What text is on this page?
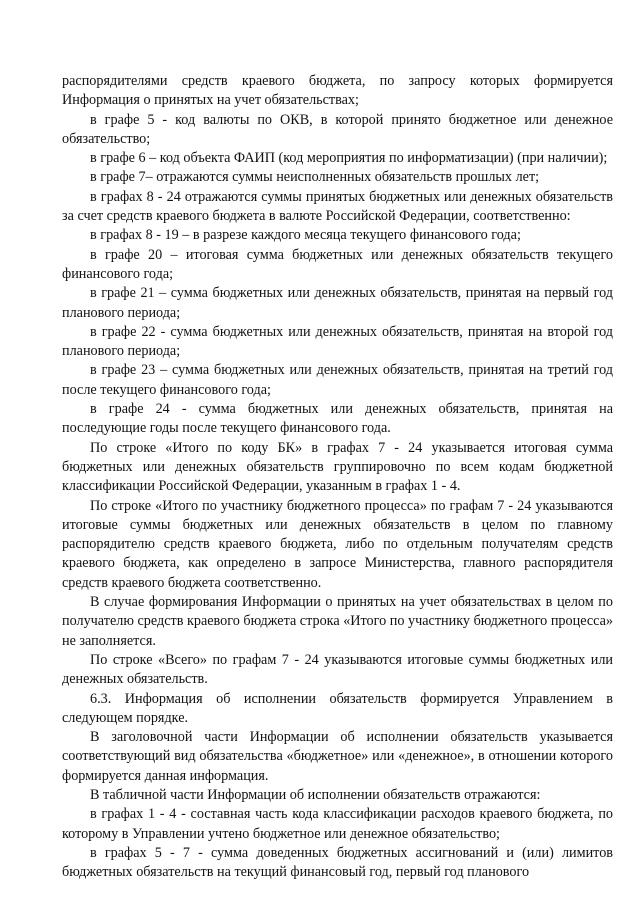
распорядителями средств краевого бюджета, по запросу которых формируется Информация о принятых на учет обязательствах;

в графе 5 - код валюты по ОКВ, в которой принято бюджетное или денежное обязательство;

в графе 6 – код объекта ФАИП (код мероприятия по информатизации) (при наличии);

в графе 7– отражаются суммы неисполненных обязательств прошлых лет;

в графах 8 - 24 отражаются суммы принятых бюджетных или денежных обязательств за счет средств краевого бюджета в валюте Российской Федерации, соответственно:

в графах 8 - 19 – в разрезе каждого месяца текущего финансового года;

в графе 20 – итоговая сумма бюджетных или денежных обязательств текущего финансового года;

в графе 21 – сумма бюджетных или денежных обязательств, принятая на первый год планового периода;

в графе 22 - сумма бюджетных или денежных обязательств, принятая на второй год планового периода;

в графе 23 – сумма бюджетных или денежных обязательств, принятая на третий год после текущего финансового года;

в графе 24 - сумма бюджетных или денежных обязательств, принятая на последующие годы после текущего финансового года.

По строке «Итого по коду БК» в графах 7 - 24 указывается итоговая сумма бюджетных или денежных обязательств группировочно по всем кодам бюджетной классификации Российской Федерации, указанным в графах 1 - 4.

По строке «Итого по участнику бюджетного процесса» по графам 7 - 24 указываются итоговые суммы бюджетных или денежных обязательств в целом по главному распорядителю средств краевого бюджета, либо по отдельным получателям средств краевого бюджета, как определено в запросе Министерства, главного распорядителя средств краевого бюджета соответственно.

В случае формирования Информации о принятых на учет обязательствах в целом по получателю средств краевого бюджета строка «Итого по участнику бюджетного процесса» не заполняется.

По строке «Всего» по графам 7 - 24 указываются итоговые суммы бюджетных или денежных обязательств.

6.3. Информация об исполнении обязательств формируется Управлением в следующем порядке.

В заголовочной части Информации об исполнении обязательств указывается соответствующий вид обязательства «бюджетное» или «денежное», в отношении которого формируется данная информация.

В табличной части Информации об исполнении обязательств отражаются:

в графах 1 - 4 - составная часть кода классификации расходов краевого бюджета, по которому в Управлении учтено бюджетное или денежное обязательство;

в графах 5 - 7 - сумма доведенных бюджетных ассигнований и (или) лимитов бюджетных обязательств на текущий финансовый год, первый год планового
